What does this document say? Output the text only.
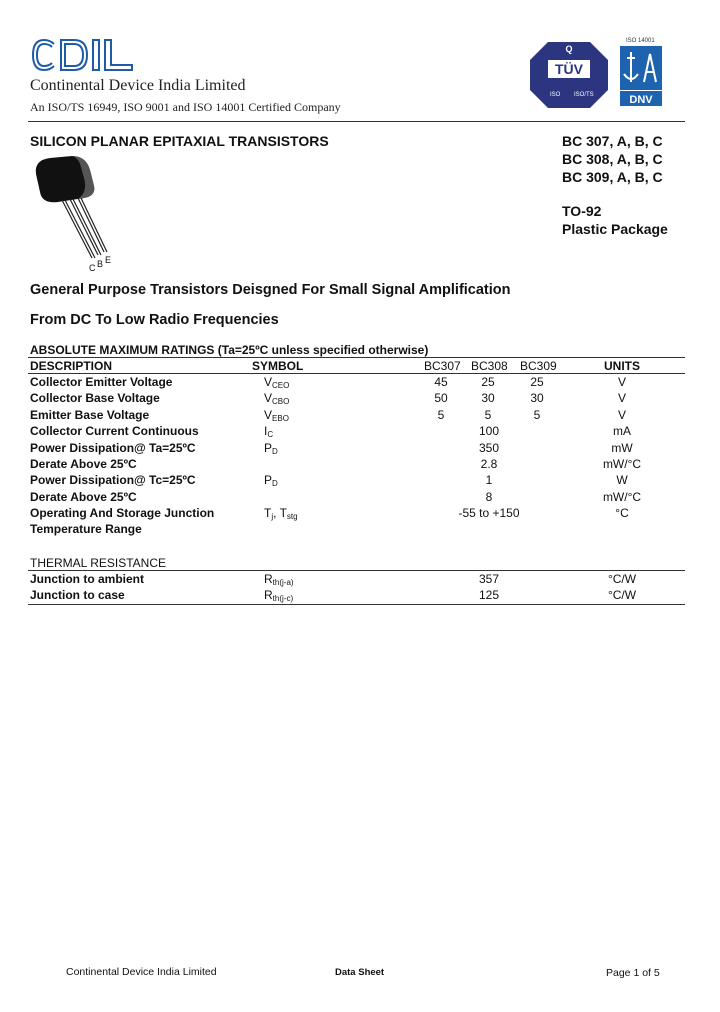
Continental Device India Limited
An ISO/TS 16949, ISO 9001 and ISO 14001 Certified Company
TÜV
Q
ISO ISO/TS
ISO 14001
DNV
SILICON PLANAR EPITAXIAL TRANSISTORS	BC 307, A, B, C
BC 308, A, B, C
BC 309, A, B, C
TO-92
Plastic Package
C B E
General Purpose Transistors Deisgned For Small Signal Amplification
From DC To Low Radio Frequencies
ABSOLUTE MAXIMUM RATINGS (Ta=25ºC unless specified otherwise)
DESCRIPTION	SYMBOL	BC307 BC308 BC309	UNITS
Collector Emitter Voltage	$V_{CEO}$	45	25	25	V
Collector Base Voltage	$V_{CBO}$	50	30	30	V
Emitter Base Voltage	$V_{EBO}$	5	5	5	V
Collector Current Continuous	$I_C$	100	mA
Power Dissipation@ Ta=25ºC	$P_D$	350	mW
Derate Above 25ºC	2.8	mW/°C
Power Dissipation@ Tc=25ºC	$P_D$	1	W
Derate Above 25ºC	8	mW/°C
Operating And Storage Junction	$T_j$, $T_{stg}$	-55 to +150	°C
Temperature Range
THERMAL RESISTANCE
Junction to ambient	$R_{th(j-a)}$	357	°C/W
Junction to case	$R_{th(j-c)}$	125	°C/W
Continental Device India Limited	Data Sheet	Page 1 of 5
